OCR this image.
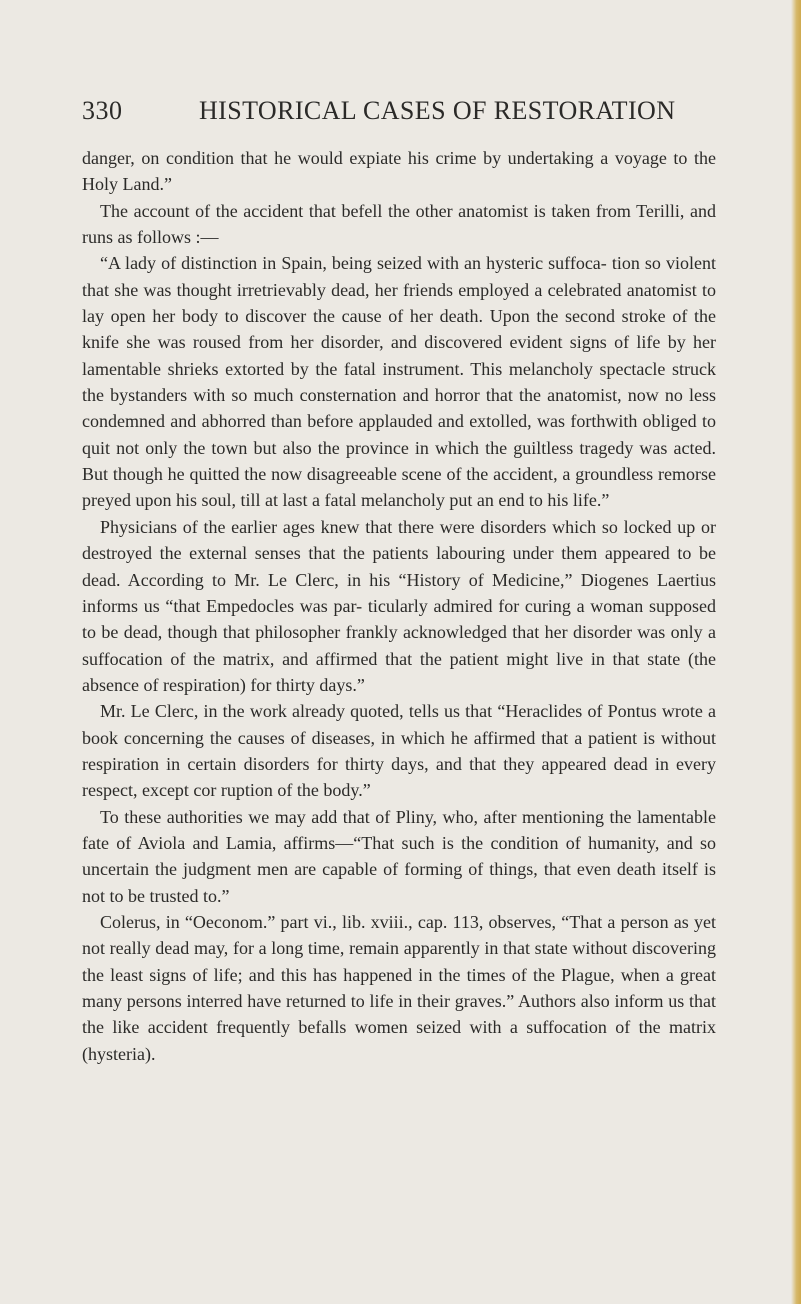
330	HISTORICAL CASES OF RESTORATION

danger, on condition that he would expiate his crime by undertaking a voyage to the Holy Land.”

The account of the accident that befell the other anatomist is taken from Terilli, and runs as follows :—

“A lady of distinction in Spain, being seized with an hysteric suffoca- tion so violent that she was thought irretrievably dead, her friends employed a celebrated anatomist to lay open her body to discover the cause of her death. Upon the second stroke of the knife she was roused from her disorder, and discovered evident signs of life by her lamentable shrieks extorted by the fatal instrument. This melancholy spectacle struck the bystanders with so much consternation and horror that the anatomist, now no less condemned and abhorred than before applauded and extolled, was forthwith obliged to quit not only the town but also the province in which the guiltless tragedy was acted. But though he quitted the now disagreeable scene of the accident, a groundless remorse preyed upon his soul, till at last a fatal melancholy put an end to his life.”

Physicians of the earlier ages knew that there were disorders which so locked up or destroyed the external senses that the patients labouring under them appeared to be dead. According to Mr. Le Clerc, in his “History of Medicine,” Diogenes Laertius informs us “that Empedocles was par- ticularly admired for curing a woman supposed to be dead, though that philosopher frankly acknowledged that her disorder was only a suffocation of the matrix, and affirmed that the patient might live in that state (the absence of respiration) for thirty days.”

Mr. Le Clerc, in the work already quoted, tells us that “Heraclides of Pontus wrote a book concerning the causes of diseases, in which he affirmed that a patient is without respiration in certain disorders for thirty days, and that they appeared dead in every respect, except cor ruption of the body.”

To these authorities we may add that of Pliny, who, after mentioning the lamentable fate of Aviola and Lamia, affirms—“That such is the condition of humanity, and so uncertain the judgment men are capable of forming of things, that even death itself is not to be trusted to.”

Colerus, in “Oeconom.” part vi., lib. xviii., cap. 113, observes, “That a person as yet not really dead may, for a long time, remain apparently in that state without discovering the least signs of life; and this has happened in the times of the Plague, when a great many persons interred have returned to life in their graves.” Authors also inform us that the like accident frequently befalls women seized with a suffocation of the matrix (hysteria).
